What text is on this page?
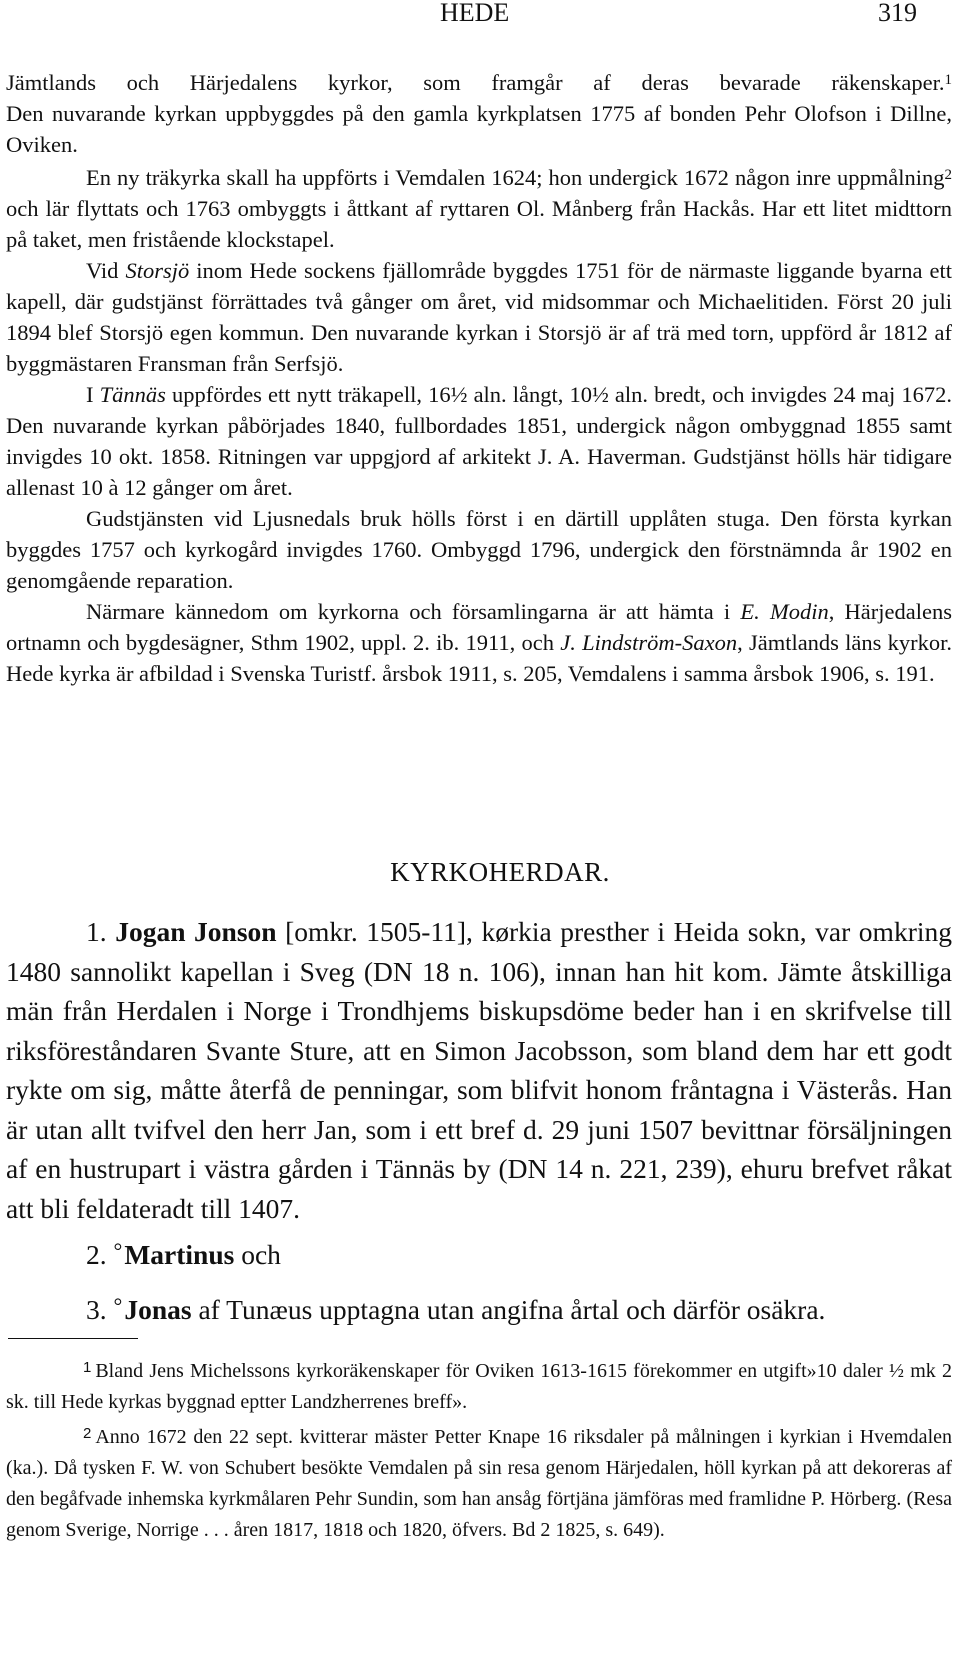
HEDE	319
Jämtlands och Härjedalens kyrkor, som framgår af deras bevarade räkenskaper.$^1$
Den nuvarande kyrkan uppbyggdes på den gamla kyrkplatsen 1775 af bonden Pehr Olofson i Dillne, Oviken.
En ny träkyrka skall ha uppförts i Vemdalen 1624; hon undergick 1672 någon inre uppmålning$^2$ och lär flyttats och 1763 ombyggts i åttkant af ryttaren Ol. Månberg från Hackås. Har ett litet midttorn på taket, men fristående klockstapel.
Vid Storsjö inom Hede sockens fjällområde byggdes 1751 för de närmaste liggande byarna ett kapell, där gudstjänst förrättades två gånger om året, vid midsommar och Michaelitiden. Först 20 juli 1894 blef Storsjö egen kommun. Den nuvarande kyrkan i Storsjö är af trä med torn, uppförd år 1812 af byggmästaren Fransman från Serfsjö.
I Tännäs uppfördes ett nytt träkapell, 16½ aln. långt, 10½ aln. bredt, och invigdes 24 maj 1672. Den nuvarande kyrkan påbörjades 1840, fullbordades 1851, undergick någon ombyggnad 1855 samt invigdes 10 okt. 1858. Ritningen var uppgjord af arkitekt J. A. Haverman. Gudstjänst hölls här tidigare allenast 10 à 12 gånger om året.
Gudstjänsten vid Ljusnedals bruk hölls först i en därtill upplåten stuga. Den första kyrkan byggdes 1757 och kyrkogård invigdes 1760. Ombyggd 1796, undergick den förstnämnda år 1902 en genomgående reparation.
Närmare kännedom om kyrkorna och församlingarna är att hämta i E. Modin, Härjedalens ortnamn och bygdesägner, Sthm 1902, uppl. 2. ib. 1911, och J. Lindström-Saxon, Jämtlands läns kyrkor. Hede kyrka är afbildad i Svenska Turistf. årsbok 1911, s. 205, Vemdalens i samma årsbok 1906, s. 191.
KYRKOHERDAR.
1. Jogan Jonson [omkr. 1505-11], kørkia presther i Heida sokn, var omkring 1480 sannolikt kapellan i Sveg (DN 18 n. 106), innan han hit kom. Jämte åtskilliga män från Herdalen i Norge i Trondhjems biskupsdöme beder han i en skrifvelse till riksföreståndaren Svante Sture, att en Simon Jacobsson, som bland dem har ett godt rykte om sig, måtte återfå de penningar, som blifvit honom fråntagna i Västerås. Han är utan allt tvifvel den herr Jan, som i ett bref d. 29 juni 1507 bevittnar försäljningen af en hustrupart i västra gården i Tännäs by (DN 14 n. 221, 239), ehuru brefvet råkat att bli feldateradt till 1407.
2. °Martinus och
3. °Jonas af Tunæus upptagna utan angifna årtal och därför osäkra.
$^1$ Bland Jens Michelssons kyrkoräkenskaper för Oviken 1613-1615 förekommer en utgift»10 daler ½ mk 2 sk. till Hede kyrkas byggnad eptter Landzherrenes breff».
$^2$ Anno 1672 den 22 sept. kvitterar mäster Petter Knape 16 riksdaler på målningen i kyrkian i Hvemdalen (ka.). Då tysken F. W. von Schubert besökte Vemdalen på sin resa genom Härjedalen, höll kyrkan på att dekoreras af den begåfvade inhemska kyrkmålaren Pehr Sundin, som han ansåg förtjäna jämföras med framlidne P. Hörberg. (Resa genom Sverige, Norrige . . . åren 1817, 1818 och 1820, öfvers. Bd 2 1825, s. 649).
